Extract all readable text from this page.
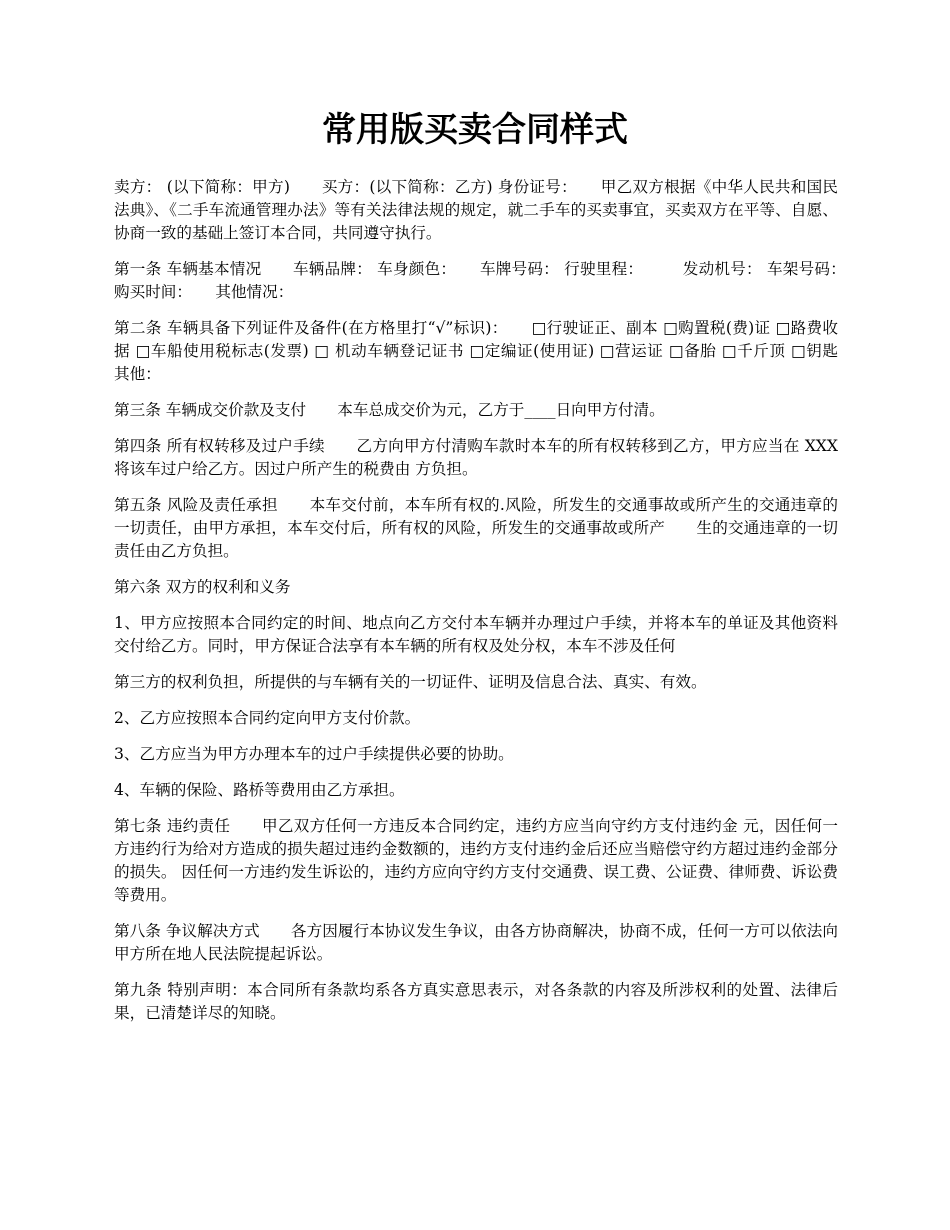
常用版买卖合同样式

卖方： (以下简称：甲方)　　买方：(以下简称：乙方) 身份证号：　　甲乙双方根据《中华人民共和国民法典》、《二手车流通管理办法》等有关法律法规的规定，就二手车的买卖事宜，买卖双方在平等、自愿、协商一致的基础上签订本合同，共同遵守执行。

第一条 车辆基本情况　　车辆品牌： 车身颜色：　　车牌号码： 行驶里程：　　　发动机号： 车架号码：　　购买时间：　　其他情况：

第二条 车辆具备下列证件及备件(在方格里打“√”标识)：　　□行驶证正、副本 □购置税(费)证 □路费收据 □车船使用税标志(发票) □ 机动车辆登记证书 □定编证(使用证) □营运证 □备胎 □千斤顶 □钥匙　　其他：

第三条 车辆成交价款及支付　　本车总成交价为元，乙方于____日向甲方付清。

第四条 所有权转移及过户手续　　乙方向甲方付清购车款时本车的所有权转移到乙方，甲方应当在 XXX 将该车过户给乙方。因过户所产生的税费由 方负担。

第五条 风险及责任承担　　本车交付前，本车所有权的.风险，所发生的交通事故或所产生的交通违章的一切责任，由甲方承担，本车交付后，所有权的风险，所发生的交通事故或所产　　生的交通违章的一切责任由乙方负担。

第六条 双方的权利和义务

1、甲方应按照本合同约定的时间、地点向乙方交付本车辆并办理过户手续，并将本车的单证及其他资料交付给乙方。同时，甲方保证合法享有本车辆的所有权及处分权，本车不涉及任何

第三方的权利负担，所提供的与车辆有关的一切证件、证明及信息合法、真实、有效。

2、乙方应按照本合同约定向甲方支付价款。

3、乙方应当为甲方办理本车的过户手续提供必要的协助。

4、车辆的保险、路桥等费用由乙方承担。

第七条 违约责任　　甲乙双方任何一方违反本合同约定，违约方应当向守约方支付违约金 元，因任何一方违约行为给对方造成的损失超过违约金数额的，违约方支付违约金后还应当赔偿守约方超过违约金部分的损失。 因任何一方违约发生诉讼的，违约方应向守约方支付交通费、误工费、公证费、律师费、诉讼费等费用。

第八条 争议解决方式　　各方因履行本协议发生争议，由各方协商解决，协商不成，任何一方可以依法向甲方所在地人民法院提起诉讼。

第九条 特别声明：本合同所有条款均系各方真实意思表示，对各条款的内容及所涉权利的处置、法律后果，已清楚详尽的知晓。
